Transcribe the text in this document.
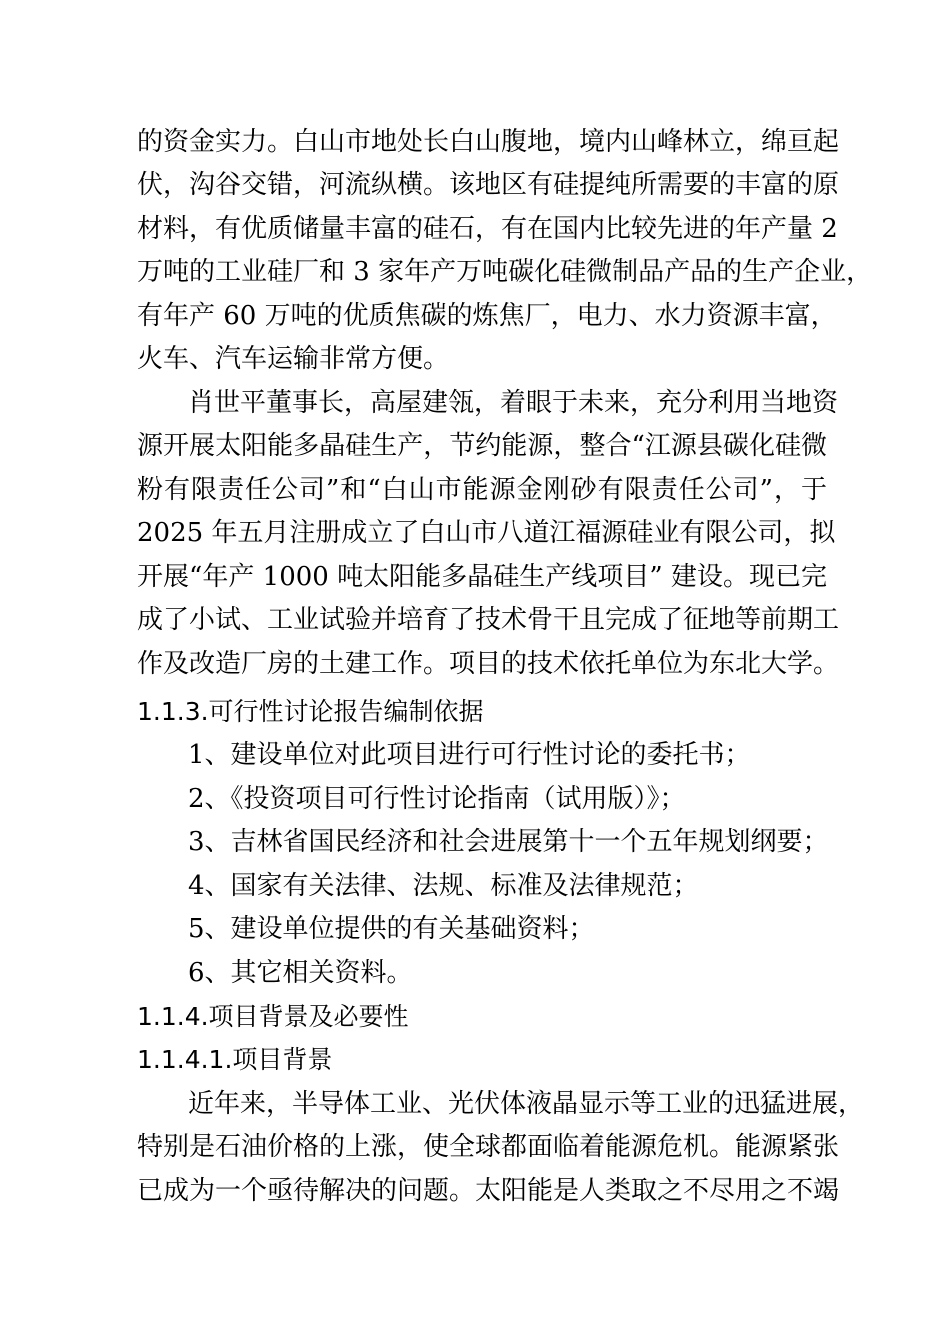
的资金实力。白山市地处长白山腹地，境内山峰林立，绵亘起
伏，沟谷交错，河流纵横。该地区有硅提纯所需要的丰富的原
材料，有优质储量丰富的硅石，有在国内比较先进的年产量 2
万吨的工业硅厂和 3 家年产万吨碳化硅微制品产品的生产企业，
有年产 60 万吨的优质焦碳的炼焦厂，电力、水力资源丰富，
火车、汽车运输非常方便。
肖世平董事长，高屋建瓴，着眼于未来，充分利用当地资
源开展太阳能多晶硅生产，节约能源，整合“江源县碳化硅微
粉有限责任公司”和“白山市能源金刚砂有限责任公司”，于
2025 年五月注册成立了白山市八道江福源硅业有限公司，拟
开展“年产 1000 吨太阳能多晶硅生产线项目” 建设。现已完
成了小试、工业试验并培育了技术骨干且完成了征地等前期工
作及改造厂房的土建工作。项目的技术依托单位为东北大学。
1.1.3.可行性讨论报告编制依据
1、建设单位对此项目进行可行性讨论的委托书；
2、《投资项目可行性讨论指南（试用版）》；
3、吉林省国民经济和社会进展第十一个五年规划纲要；
4、国家有关法律、法规、标准及法律规范；
5、建设单位提供的有关基础资料；
6、其它相关资料。
1.1.4.项目背景及必要性
1.1.4.1.项目背景
近年来，半导体工业、光伏体液晶显示等工业的迅猛进展，
特别是石油价格的上涨，使全球都面临着能源危机。能源紧张
已成为一个亟待解决的问题。太阳能是人类取之不尽用之不竭
